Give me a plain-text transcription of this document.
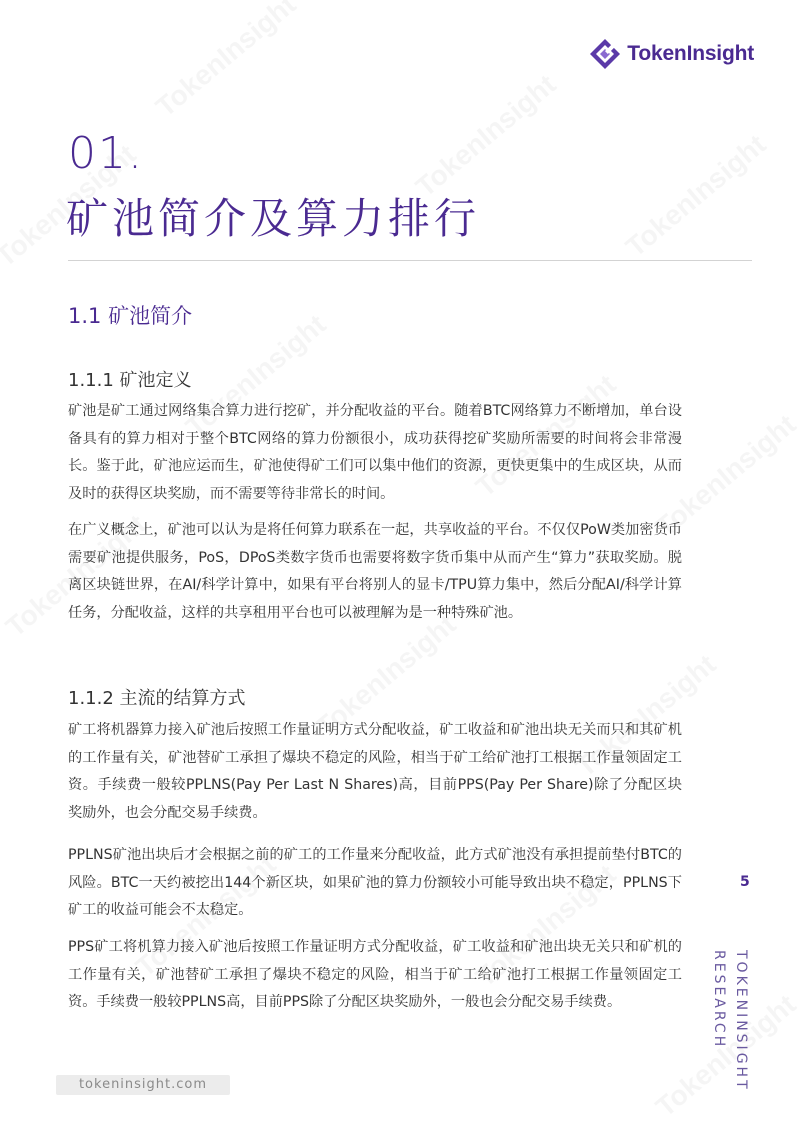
TokenInsight
01.
矿池简介及算力排行
1.1 矿池简介
1.1.1 矿池定义

矿池是矿工通过网络集合算力进行挖矿，并分配收益的平台。随着BTC网络算力不断增加，单台设备具有的算力相对于整个BTC网络的算力份额很小，成功获得挖矿奖励所需要的时间将会非常漫长。鉴于此，矿池应运而生，矿池使得矿工们可以集中他们的资源，更快更集中的生成区块，从而及时的获得区块奖励，而不需要等待非常长的时间。

在广义概念上，矿池可以认为是将任何算力联系在一起，共享收益的平台。不仅仅PoW类加密货币需要矿池提供服务，PoS，DPoS类数字货币也需要将数字货币集中从而产生“算力”获取奖励。脱离区块链世界，在AI/科学计算中，如果有平台将别人的显卡/TPU算力集中，然后分配AI/科学计算任务，分配收益，这样的共享租用平台也可以被理解为是一种特殊矿池。

1.1.2 主流的结算方式

矿工将机器算力接入矿池后按照工作量证明方式分配收益，矿工收益和矿池出块无关而只和其矿机的工作量有关，矿池替矿工承担了爆块不稳定的风险，相当于矿工给矿池打工根据工作量领固定工资。手续费一般较PPLNS(Pay Per Last N Shares)高，目前PPS(Pay Per Share)除了分配区块奖励外，也会分配交易手续费。

PPLNS矿池出块后才会根据之前的矿工的工作量来分配收益，此方式矿池没有承担提前垫付BTC的风险。BTC一天约被挖出144个新区块，如果矿池的算力份额较小可能导致出块不稳定，PPLNS下矿工的收益可能会不太稳定。

PPS矿工将机算力接入矿池后按照工作量证明方式分配收益，矿工收益和矿池出块无关只和矿机的工作量有关，矿池替矿工承担了爆块不稳定的风险，相当于矿工给矿池打工根据工作量领固定工资。手续费一般较PPLNS高，目前PPS除了分配区块奖励外，一般也会分配交易手续费。

5
TOKENINSIGHT
RESEARCH
tokeninsight.com
